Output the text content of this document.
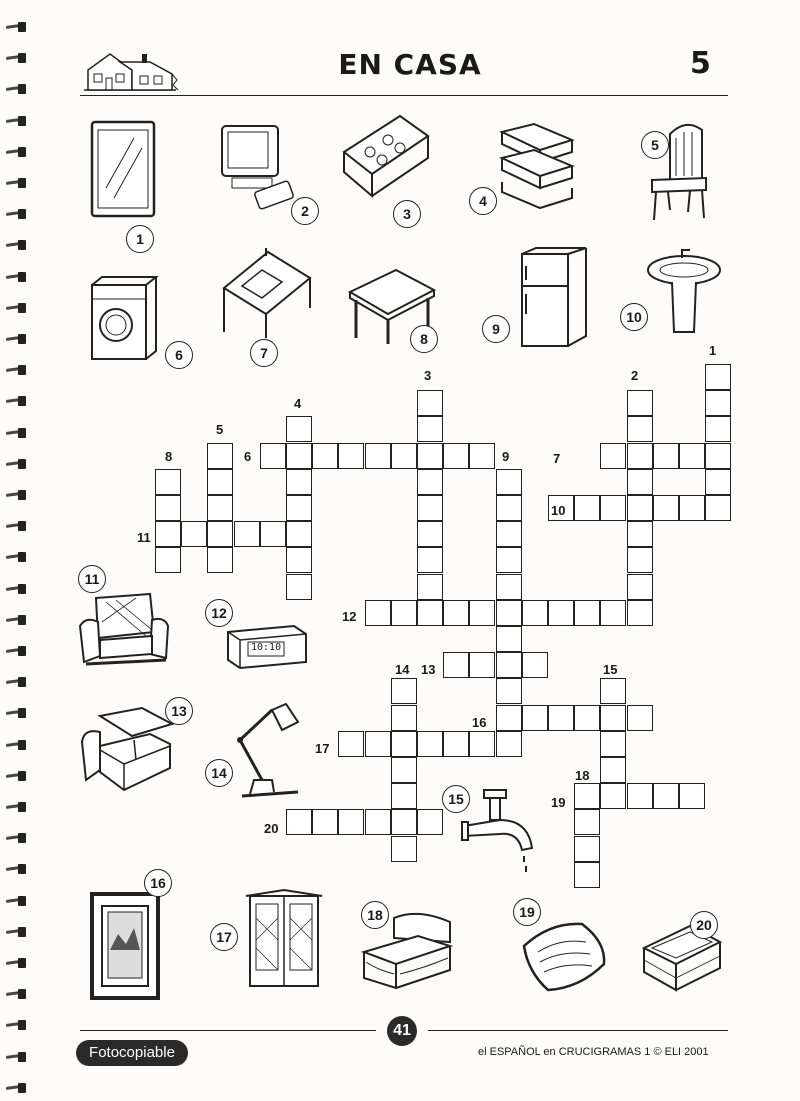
EN CASA	5
10:10
1
2	3
4
5
6	7
8
9
10
11
12
13
14
15
16
17
18	19
20
1
2
3
4
5
6	7
8	9
10
11
12
13
14	15
16
17
18
19
20
41
Fotocopiable	el ESPAÑOL en CRUCIGRAMAS 1 © ELI 2001
